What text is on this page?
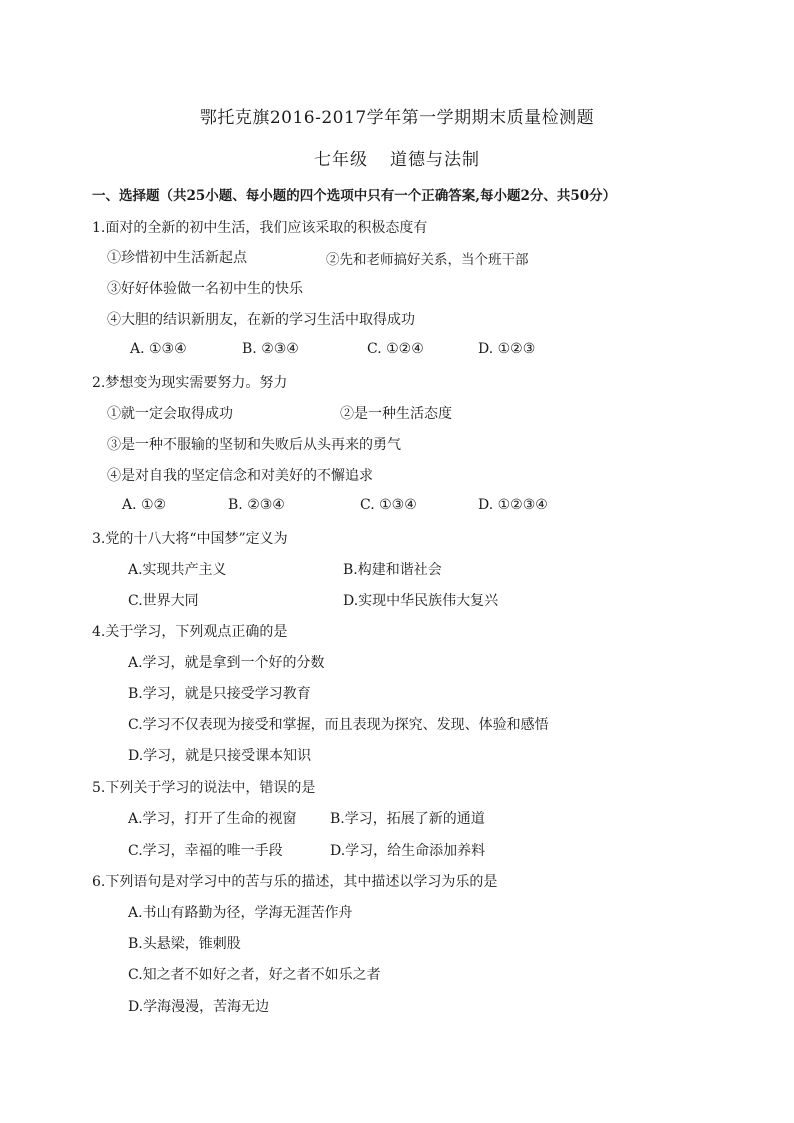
鄂托克旗2016-2017学年第一学期期末质量检测题
七年级 道德与法制
一、选择题（共25小题、每小题的四个选项中只有一个正确答案,每小题2分、共50分）
1.面对的全新的初中生活，我们应该采取的积极态度有
①珍惜初中生活新起点	②先和老师搞好关系，当个班干部
③好好体验做一名初中生的快乐
④大胆的结识新朋友，在新的学习生活中取得成功
A. ①③④	B. ②③④	C. ①②④	D. ①②③
2.梦想变为现实需要努力。努力
①就一定会取得成功	②是一种生活态度
③是一种不服输的坚韧和失败后从头再来的勇气
④是对自我的坚定信念和对美好的不懈追求
A. ①②	B. ②③④	C. ①③④	D. ①②③④
3.党的十八大将“中国梦”定义为
A.实现共产主义	B.构建和谐社会
C.世界大同	D.实现中华民族伟大复兴
4.关于学习，下列观点正确的是
A.学习，就是拿到一个好的分数
B.学习，就是只接受学习教育
C.学习不仅表现为接受和掌握，而且表现为探究、发现、体验和感悟
D.学习，就是只接受课本知识
5.下列关于学习的说法中，错误的是
A.学习，打开了生命的视窗 B.学习，拓展了新的通道
C.学习，幸福的唯一手段	D.学习，给生命添加养料
6.下列语句是对学习中的苦与乐的描述，其中描述以学习为乐的是
A.书山有路勤为径，学海无涯苦作舟
B.头悬梁，锥刺股
C.知之者不如好之者，好之者不如乐之者
D.学海漫漫，苦海无边
